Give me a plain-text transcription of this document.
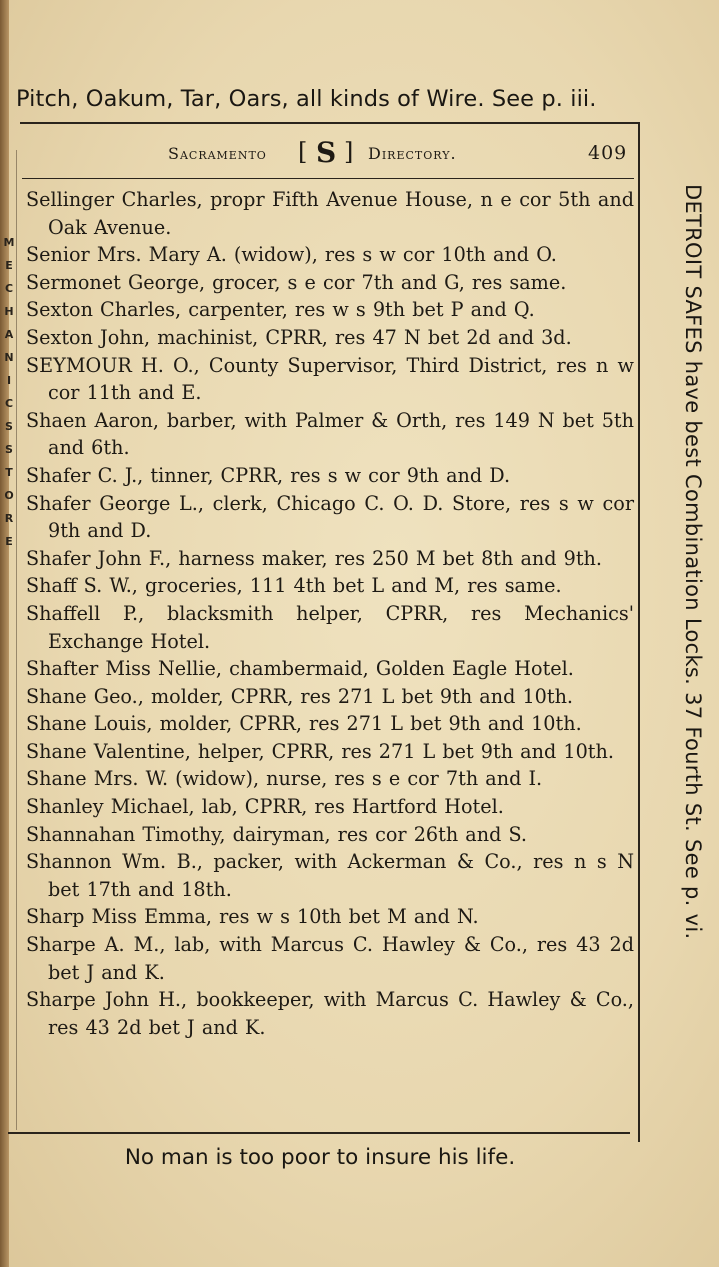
Pitch, Oakum, Tar, Oars, all kinds of Wire. See p. iii.
M
E
C
H
A
N
I
C
S
S
T
O
R
E
Sacramento [ S ] Directory.	409
Sellinger Charles, propr Fifth Avenue House, n e cor 5th and Oak Avenue.
Senior Mrs. Mary A. (widow), res s w cor 10th and O.
Sermonet George, grocer, s e cor 7th and G, res same.
Sexton Charles, carpenter, res w s 9th bet P and Q.
Sexton John, machinist, CPRR, res 47 N bet 2d and 3d.
SEYMOUR H. O., County Supervisor, Third District, res n w cor 11th and E.
Shaen Aaron, barber, with Palmer & Orth, res 149 N bet 5th and 6th.
Shafer C. J., tinner, CPRR, res s w cor 9th and D.
Shafer George L., clerk, Chicago C. O. D. Store, res s w cor 9th and D.
Shafer John F., harness maker, res 250 M bet 8th and 9th.
Shaff S. W., groceries, 111 4th bet L and M, res same.
Shaffell P., blacksmith helper, CPRR, res Mechanics' Exchange Hotel.
Shafter Miss Nellie, chambermaid, Golden Eagle Hotel.
Shane Geo., molder, CPRR, res 271 L bet 9th and 10th.
Shane Louis, molder, CPRR, res 271 L bet 9th and 10th.
Shane Valentine, helper, CPRR, res 271 L bet 9th and 10th.
Shane Mrs. W. (widow), nurse, res s e cor 7th and I.
Shanley Michael, lab, CPRR, res Hartford Hotel.
Shannahan Timothy, dairyman, res cor 26th and S.
Shannon Wm. B., packer, with Ackerman & Co., res n s N bet 17th and 18th.
Sharp Miss Emma, res w s 10th bet M and N.
Sharpe A. M., lab, with Marcus C. Hawley & Co., res 43 2d bet J and K.
Sharpe John H., bookkeeper, with Marcus C. Hawley & Co., res 43 2d bet J and K.
DETROIT SAFES have best Combination Locks. 37 Fourth St. See p. vi.
No man is too poor to insure his life.
